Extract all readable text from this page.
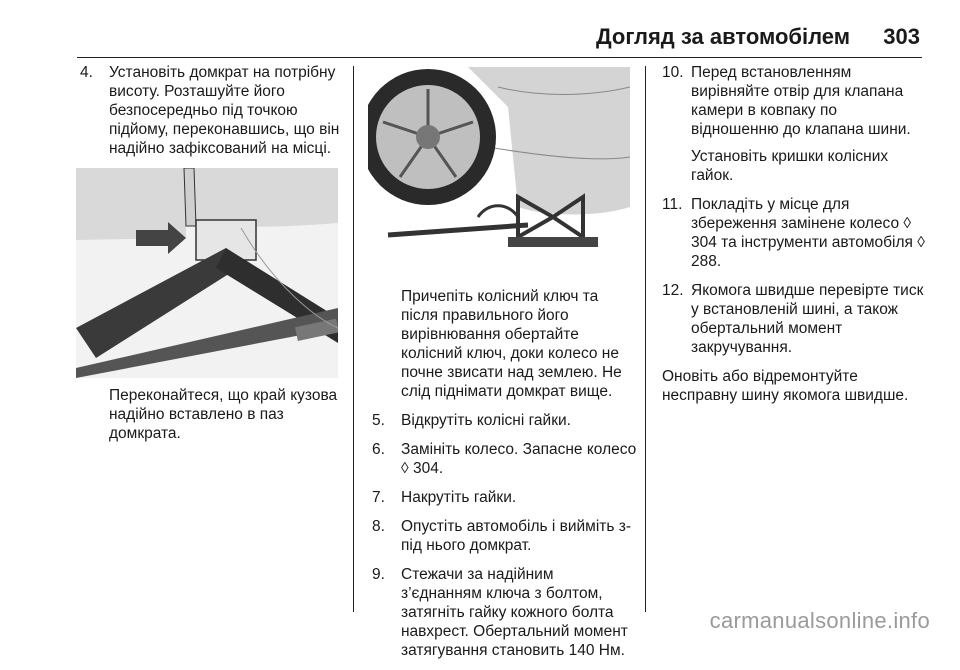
Догляд за автомобілем 303
4. Установіть домкрат на потрібну висоту. Розташуйте його безпосередньо під точкою підйому, переконавшись, що він надійно зафіксований на місці.
Переконайтеся, що край кузова надійно вставлено в паз домкрата.
Причепіть колісний ключ та після правильного його вирівнювання обертайте колісний ключ, доки колесо не почне звисати над землею. Не слід піднімати домкрат вище.
5. Відкрутіть колісні гайки.
6. Замініть колесо. Запасне колесо ◊ 304.
7. Накрутіть гайки.
8. Опустіть автомобіль і вийміть з-під нього домкрат.
9. Стежачи за надійним з’єднанням ключа з болтом, затягніть гайку кожного болта навхрест. Обертальний момент затягування становить 140 Нм.
10. Перед встановленням вирівняйте отвір для клапана камери в ковпаку по відношенню до клапана шини.
Установіть кришки колісних гайок.
11. Покладіть у місце для збереження замінене колесо ◊ 304 та інструменти автомобіля ◊ 288.
12. Якомога швидше перевірте тиск у встановленій шині, а також обертальний момент закручування.
Оновіть або відремонтуйте несправну шину якомога швидше.
carmanualsonline.info
